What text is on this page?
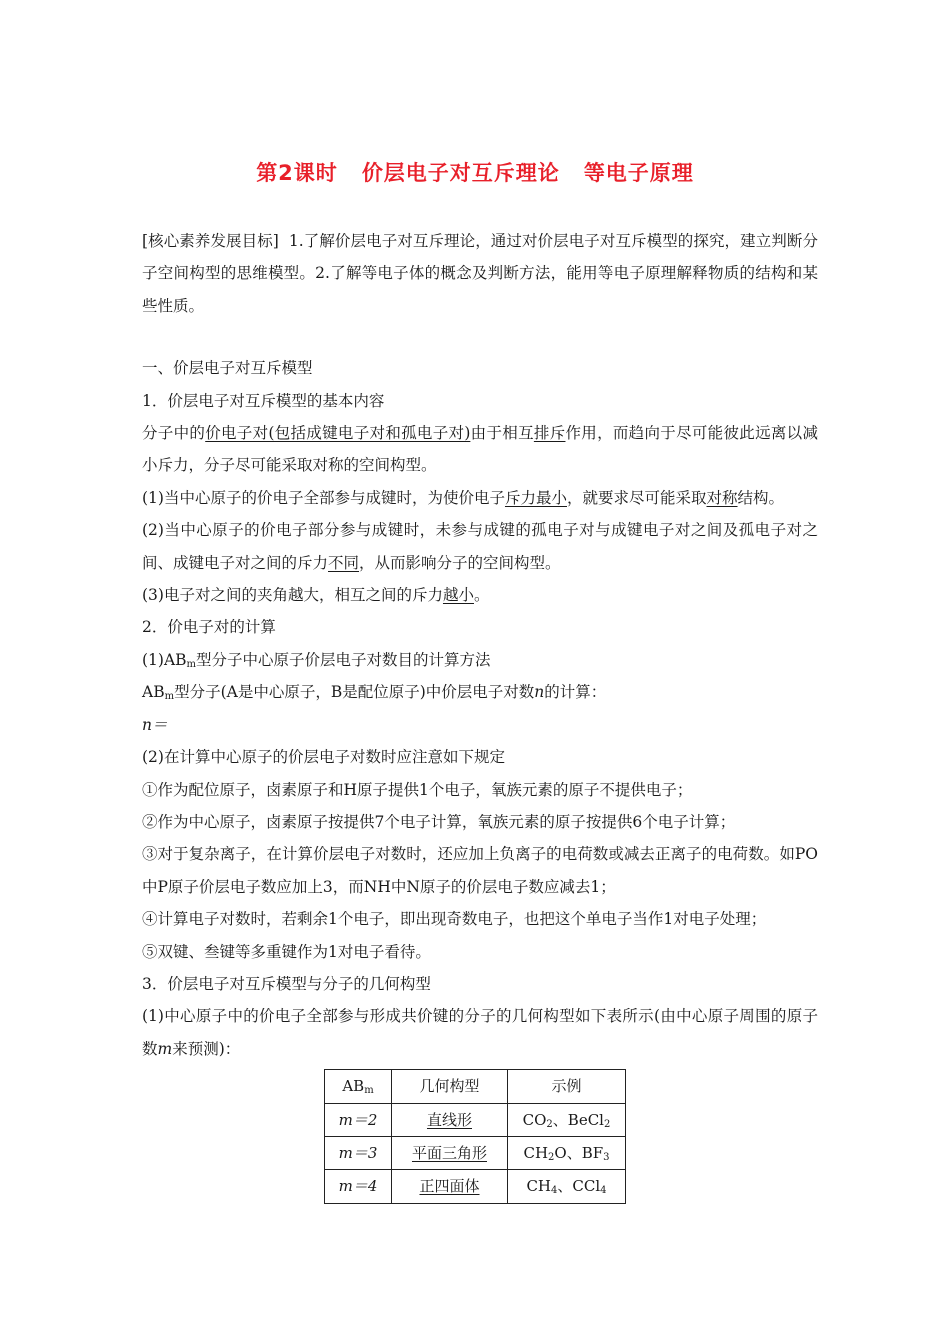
第2课时 价层电子对互斥理论 等电子原理

[核心素养发展目标] 1.了解价层电子对互斥理论，通过对价层电子对互斥模型的探究，建立判断分子空间构型的思维模型。2.了解等电子体的概念及判断方法，能用等电子原理解释物质的结构和某些性质。

一、价层电子对互斥模型

1．价层电子对互斥模型的基本内容

分子中的价电子对(包括成键电子对和孤电子对)由于相互排斥作用，而趋向于尽可能彼此远离以减小斥力，分子尽可能采取对称的空间构型。

(1)当中心原子的价电子全部参与成键时，为使价电子斥力最小，就要求尽可能采取对称结构。

(2)当中心原子的价电子部分参与成键时，未参与成键的孤电子对与成键电子对之间及孤电子对之间、成键电子对之间的斥力不同，从而影响分子的空间构型。

(3)电子对之间的夹角越大，相互之间的斥力越小。

2．价电子对的计算

$(1)AB_m$型分子中心原子价层电子对数目的计算方法

$AB_m$型分子(A是中心原子，B是配位原子)中价层电子对数n的计算：

n＝

(2)在计算中心原子的价层电子对数时应注意如下规定

①作为配位原子，卤素原子和H原子提供1个电子，氧族元素的原子不提供电子；

②作为中心原子，卤素原子按提供7个电子计算，氧族元素的原子按提供6个电子计算；

③对于复杂离子，在计算价层电子对数时，还应加上负离子的电荷数或减去正离子的电荷数。如PO中P原子价层电子数应加上3，而NH中N原子的价层电子数应减去1；

④计算电子对数时，若剩余1个电子，即出现奇数电子，也把这个单电子当作1对电子处理；

⑤双键、叁键等多重键作为1对电子看待。

3．价层电子对互斥模型与分子的几何构型

(1)中心原子中的价电子全部参与形成共价键的分子的几何构型如下表所示(由中心原子周围的原子数m来预测)：

$AB_m$	几何构型	示例
m＝2	直线形	$CO_2$、BeCl$_2$
m＝3	平面三角形	$CH_2O$、$BF_3$
m＝4	正四面体	$CH_4$、CCl$_4$
